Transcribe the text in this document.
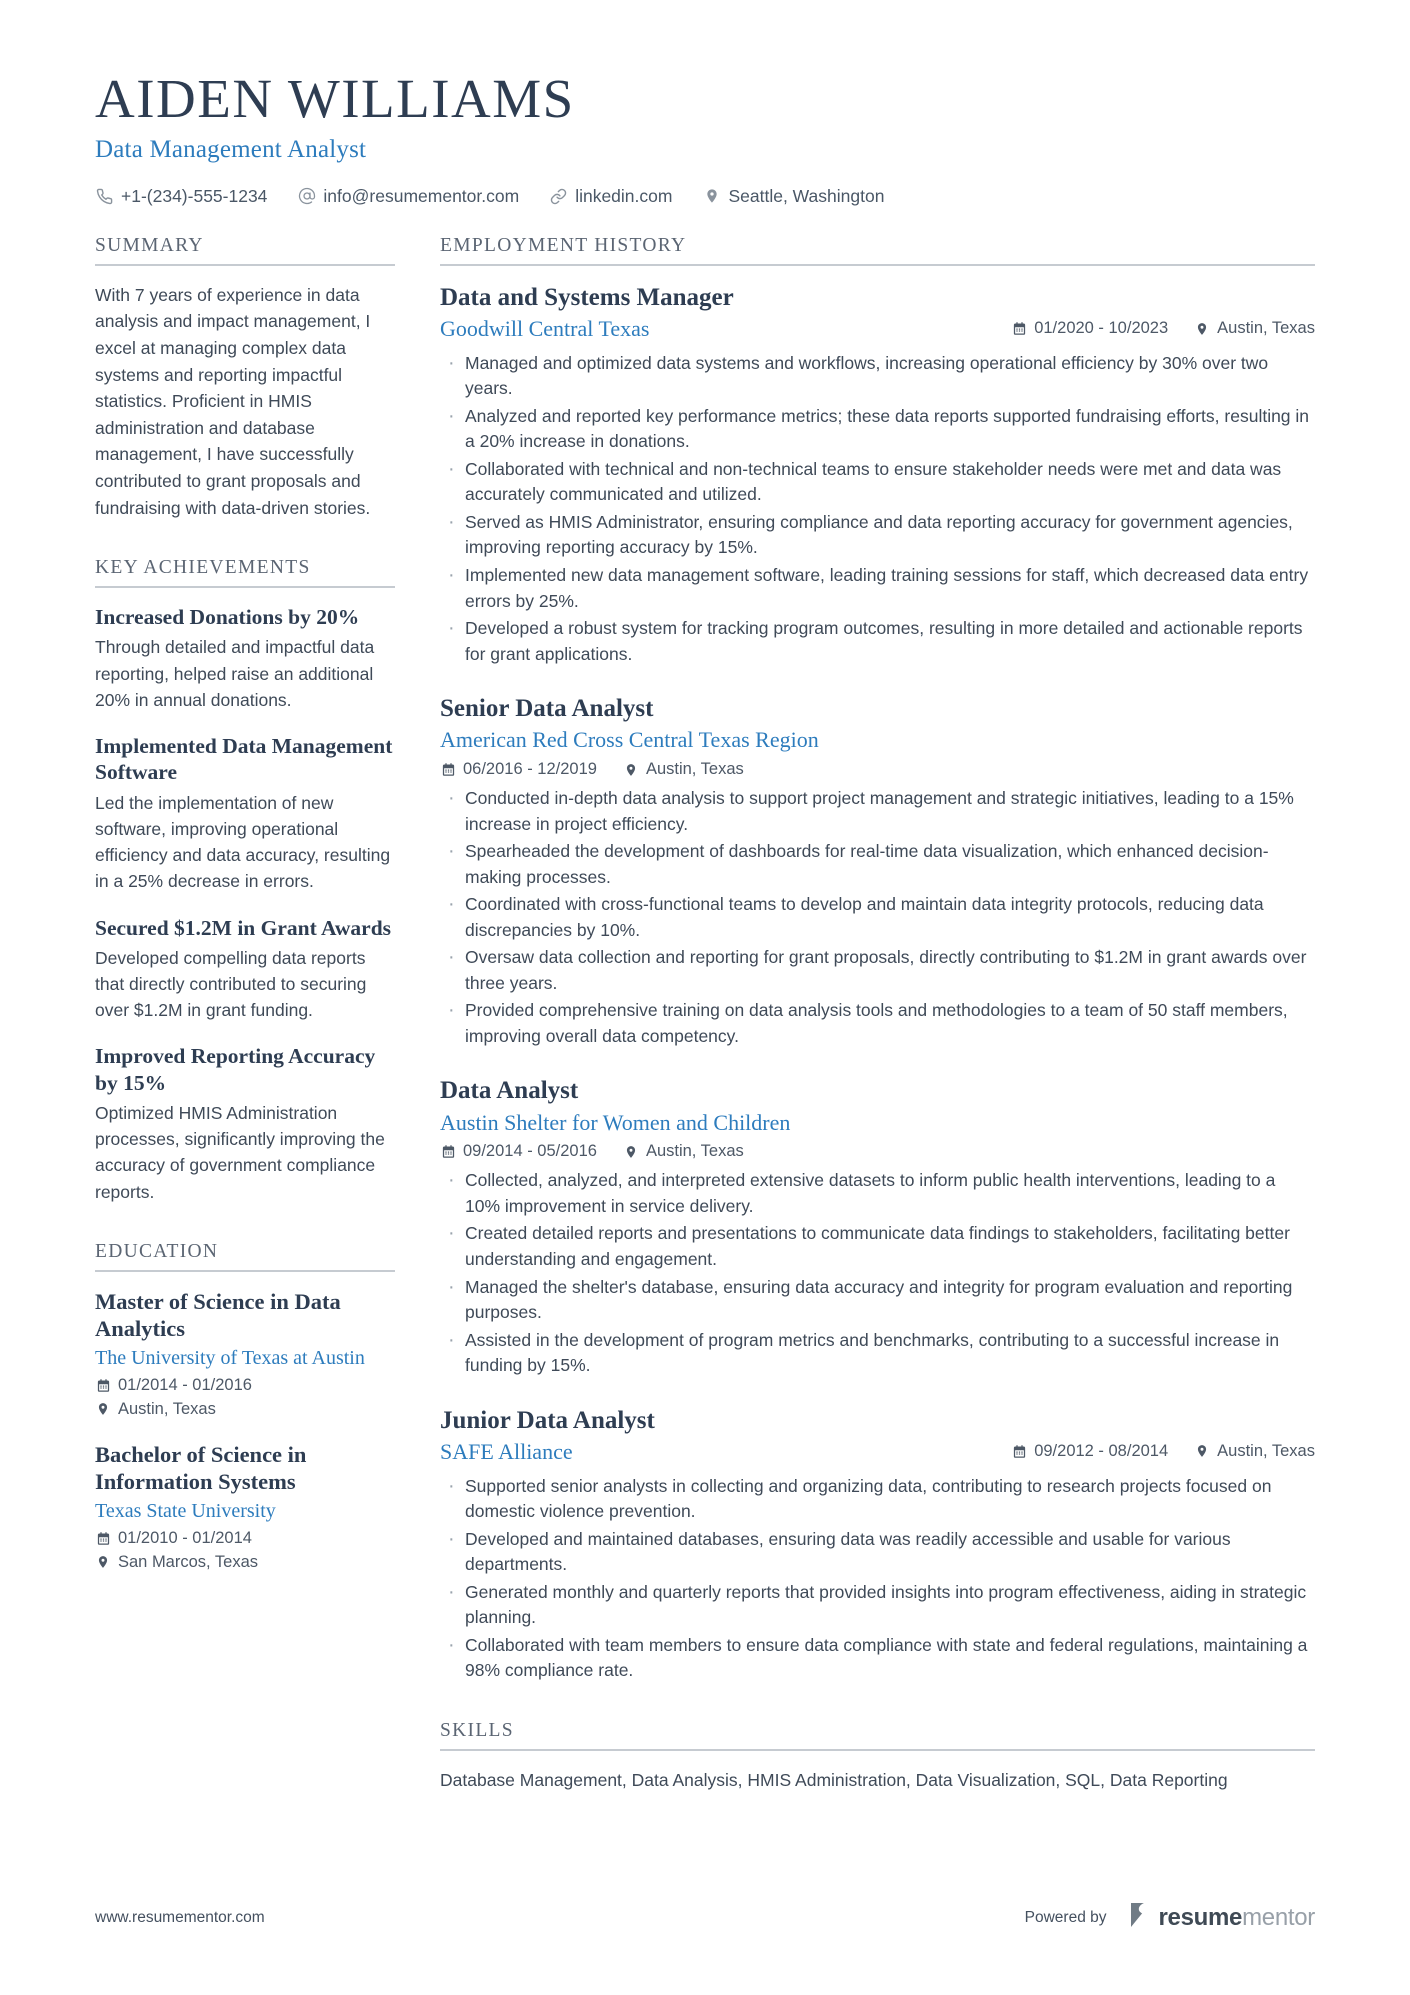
AIDEN WILLIAMS
Data Management Analyst
+1-(234)-555-1234	info@resumementor.com	linkedin.com	Seattle, Washington
SUMMARY
With 7 years of experience in data analysis and impact management, I excel at managing complex data systems and reporting impactful statistics. Proficient in HMIS administration and database management, I have successfully contributed to grant proposals and fundraising with data-driven stories.
KEY ACHIEVEMENTS
Increased Donations by 20%
Through detailed and impactful data reporting, helped raise an additional 20% in annual donations.
Implemented Data Management Software
Led the implementation of new software, improving operational efficiency and data accuracy, resulting in a 25% decrease in errors.
Secured $1.2M in Grant Awards
Developed compelling data reports that directly contributed to securing over $1.2M in grant funding.
Improved Reporting Accuracy by 15%
Optimized HMIS Administration processes, significantly improving the accuracy of government compliance reports.
EDUCATION
Master of Science in Data Analytics
The University of Texas at Austin
01/2014 - 01/2016
Austin, Texas
Bachelor of Science in Information Systems
Texas State University
01/2010 - 01/2014
San Marcos, Texas
EMPLOYMENT HISTORY
Data and Systems Manager
Goodwill Central Texas	01/2020 - 10/2023	Austin, Texas
· Managed and optimized data systems and workflows, increasing operational efficiency by 30% over two years.
· Analyzed and reported key performance metrics; these data reports supported fundraising efforts, resulting in a 20% increase in donations.
· Collaborated with technical and non-technical teams to ensure stakeholder needs were met and data was accurately communicated and utilized.
· Served as HMIS Administrator, ensuring compliance and data reporting accuracy for government agencies, improving reporting accuracy by 15%.
· Implemented new data management software, leading training sessions for staff, which decreased data entry errors by 25%.
· Developed a robust system for tracking program outcomes, resulting in more detailed and actionable reports for grant applications.
Senior Data Analyst
American Red Cross Central Texas Region
06/2016 - 12/2019	Austin, Texas
· Conducted in-depth data analysis to support project management and strategic initiatives, leading to a 15% increase in project efficiency.
· Spearheaded the development of dashboards for real-time data visualization, which enhanced decision-making processes.
· Coordinated with cross-functional teams to develop and maintain data integrity protocols, reducing data discrepancies by 10%.
· Oversaw data collection and reporting for grant proposals, directly contributing to $1.2M in grant awards over three years.
· Provided comprehensive training on data analysis tools and methodologies to a team of 50 staff members, improving overall data competency.
Data Analyst
Austin Shelter for Women and Children
09/2014 - 05/2016	Austin, Texas
· Collected, analyzed, and interpreted extensive datasets to inform public health interventions, leading to a 10% improvement in service delivery.
· Created detailed reports and presentations to communicate data findings to stakeholders, facilitating better understanding and engagement.
· Managed the shelter's database, ensuring data accuracy and integrity for program evaluation and reporting purposes.
· Assisted in the development of program metrics and benchmarks, contributing to a successful increase in funding by 15%.
Junior Data Analyst
SAFE Alliance	09/2012 - 08/2014	Austin, Texas
· Supported senior analysts in collecting and organizing data, contributing to research projects focused on domestic violence prevention.
· Developed and maintained databases, ensuring data was readily accessible and usable for various departments.
· Generated monthly and quarterly reports that provided insights into program effectiveness, aiding in strategic planning.
· Collaborated with team members to ensure data compliance with state and federal regulations, maintaining a 98% compliance rate.
SKILLS
Database Management, Data Analysis, HMIS Administration, Data Visualization, SQL, Data Reporting
www.resumementor.com	Powered by resumementor
